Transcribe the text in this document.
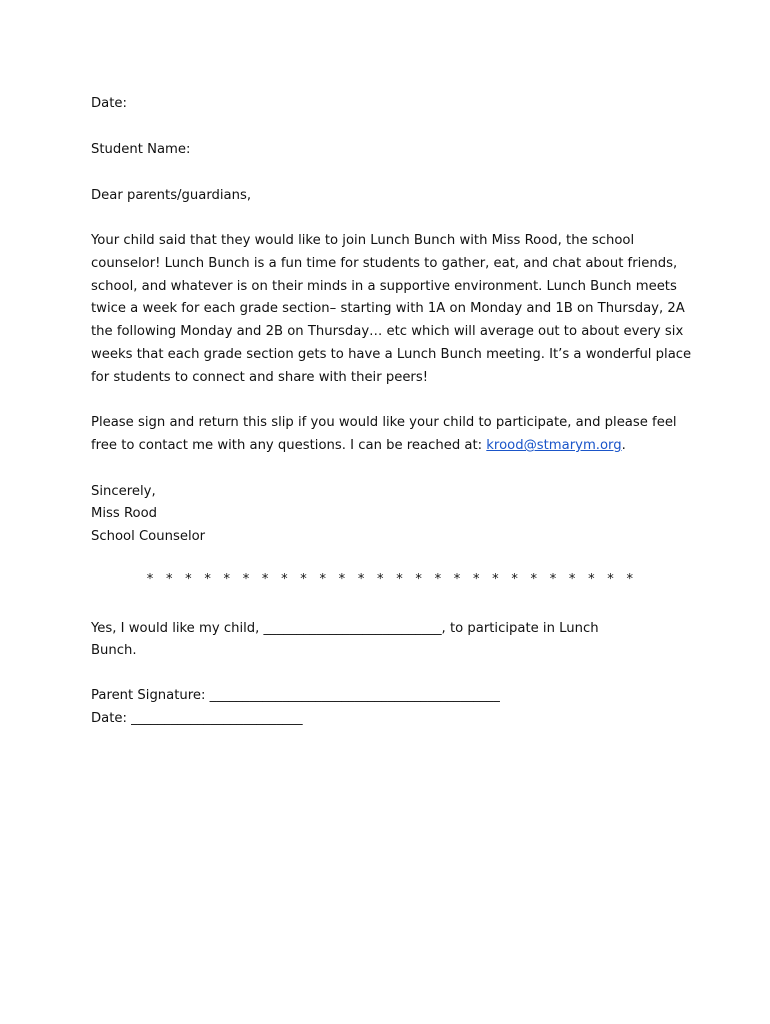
Date:
Student Name:
Dear parents/guardians,
Your child said that they would like to join Lunch Bunch with Miss Rood, the school
counselor! Lunch Bunch is a fun time for students to gather, eat, and chat about friends,
school, and whatever is on their minds in a supportive environment. Lunch Bunch meets
twice a week for each grade section– starting with 1A on Monday and 1B on Thursday, 2A
the following Monday and 2B on Thursday… etc which will average out to about every six
weeks that each grade section gets to have a Lunch Bunch meeting. It’s a wonderful place
for students to connect and share with their peers!
Please sign and return this slip if you would like your child to participate, and please feel
free to contact me with any questions. I can be reached at: krood@stmarym.org.
Sincerely,
Miss Rood
School Counselor
* * * * * * * * * * * * * * * * * * * * * * * * * *
Yes, I would like my child, ___________________________, to participate in Lunch
Bunch.
Parent Signature: ____________________________________________
Date: __________________________
